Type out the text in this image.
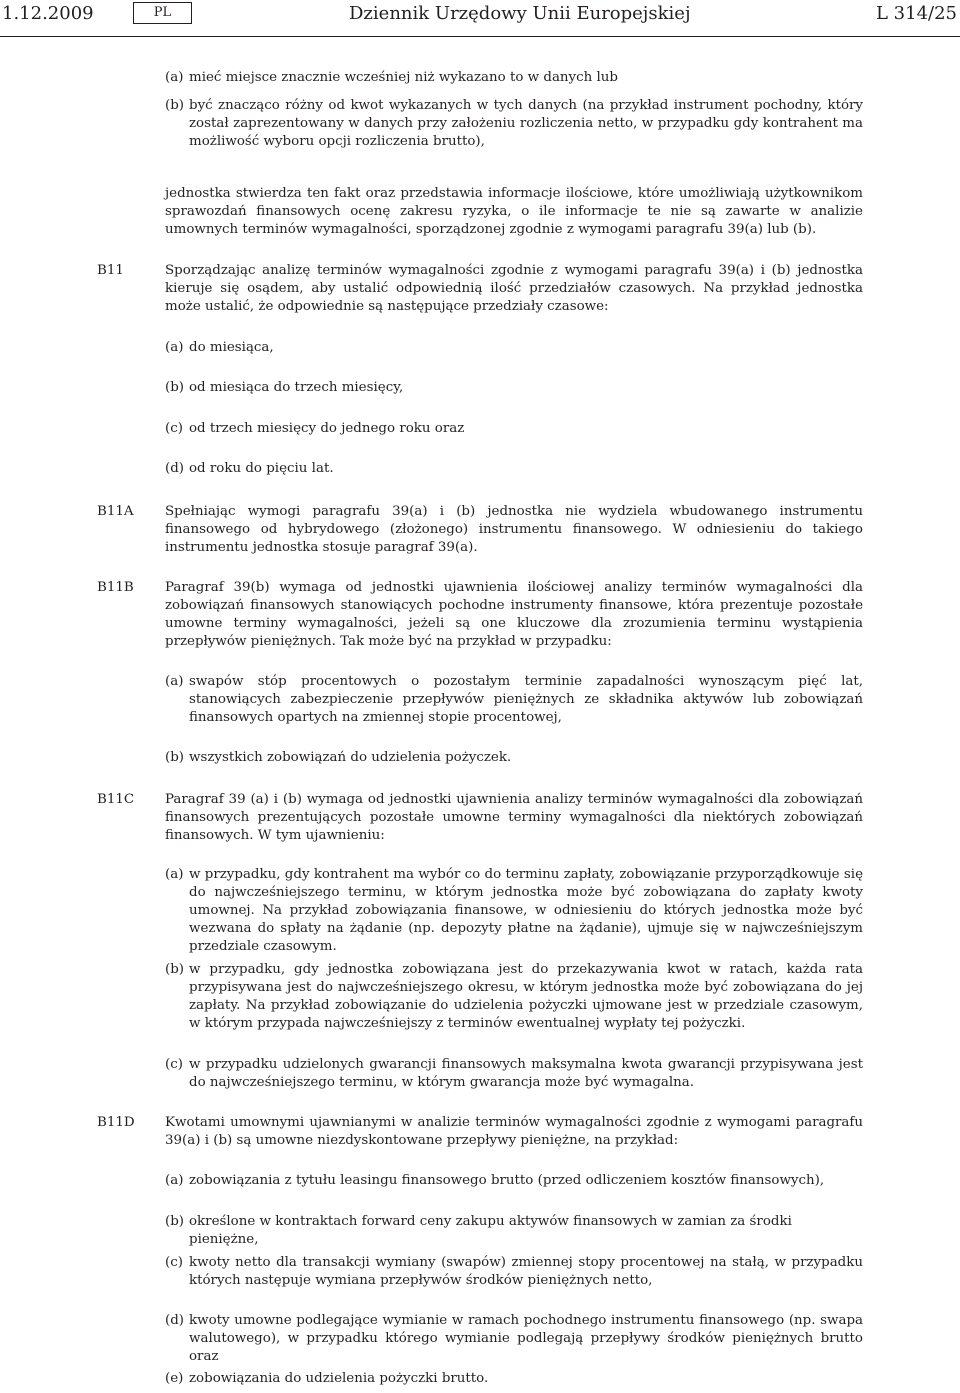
1.12.2009	PL	Dziennik Urzędowy Unii Europejskiej	L 314/25
(a) mieć miejsce znacznie wcześniej niż wykazano to w danych lub
(b) być znacząco różny od kwot wykazanych w tych danych (na przykład instrument pochodny, który został zaprezentowany w danych przy założeniu rozliczenia netto, w przypadku gdy kontrahent ma możliwość wyboru opcji rozliczenia brutto),
jednostka stwierdza ten fakt oraz przedstawia informacje ilościowe, które umożliwiają użytkownikom sprawozdań finansowych ocenę zakresu ryzyka, o ile informacje te nie są zawarte w analizie umownych terminów wymagalności, sporządzonej zgodnie z wymogami paragrafu 39(a) lub (b).
B11	Sporządzając analizę terminów wymagalności zgodnie z wymogami paragrafu 39(a) i (b) jednostka kieruje się osądem, aby ustalić odpowiednią ilość przedziałów czasowych. Na przykład jednostka może ustalić, że odpowiednie są następujące przedziały czasowe:
(a) do miesiąca,
(b) od miesiąca do trzech miesięcy,
(c) od trzech miesięcy do jednego roku oraz
(d) od roku do pięciu lat.
B11A Spełniając wymogi paragrafu 39(a) i (b) jednostka nie wydziela wbudowanego instrumentu finansowego od hybrydowego (złożonego) instrumentu finansowego. W odniesieniu do takiego instrumentu jednostka stosuje paragraf 39(a).
B11B Paragraf 39(b) wymaga od jednostki ujawnienia ilościowej analizy terminów wymagalności dla zobowiązań finansowych stanowiących pochodne instrumenty finansowe, która prezentuje pozostałe umowne terminy wymagalności, jeżeli są one kluczowe dla zrozumienia terminu wystąpienia przepływów pieniężnych. Tak może być na przykład w przypadku:
(a) swapów stóp procentowych o pozostałym terminie zapadalności wynoszącym pięć lat, stanowiących zabezpieczenie przepływów pieniężnych ze składnika aktywów lub zobowiązań finansowych opartych na zmiennej stopie procentowej,
(b) wszystkich zobowiązań do udzielenia pożyczek.
B11C Paragraf 39 (a) i (b) wymaga od jednostki ujawnienia analizy terminów wymagalności dla zobowiązań finansowych prezentujących pozostałe umowne terminy wymagalności dla niektórych zobowiązań finansowych. W tym ujawnieniu:
(a) w przypadku, gdy kontrahent ma wybór co do terminu zapłaty, zobowiązanie przyporządkowuje się do najwcześniejszego terminu, w którym jednostka może być zobowiązana do zapłaty kwoty umownej. Na przykład zobowiązania finansowe, w odniesieniu do których jednostka może być wezwana do spłaty na żądanie (np. depozyty płatne na żądanie), ujmuje się w najwcześniejszym przedziale czasowym.
(b) w przypadku, gdy jednostka zobowiązana jest do przekazywania kwot w ratach, każda rata przypisywana jest do najwcześniejszego okresu, w którym jednostka może być zobowiązana do jej zapłaty. Na przykład zobowiązanie do udzielenia pożyczki ujmowane jest w przedziale czasowym, w którym przypada najwcześniejszy z terminów ewentualnej wypłaty tej pożyczki.
(c) w przypadku udzielonych gwarancji finansowych maksymalna kwota gwarancji przypisywana jest do najwcześniejszego terminu, w którym gwarancja może być wymagalna.
B11D Kwotami umownymi ujawnianymi w analizie terminów wymagalności zgodnie z wymogami paragrafu 39(a) i (b) są umowne niezdyskontowane przepływy pieniężne, na przykład:
(a) zobowiązania z tytułu leasingu finansowego brutto (przed odliczeniem kosztów finansowych),
(b) określone w kontraktach forward ceny zakupu aktywów finansowych w zamian za środki pieniężne,
(c) kwoty netto dla transakcji wymiany (swapów) zmiennej stopy procentowej na stałą, w przypadku których następuje wymiana przepływów środków pieniężnych netto,
(d) kwoty umowne podlegające wymianie w ramach pochodnego instrumentu finansowego (np. swapa walutowego), w przypadku którego wymianie podlegają przepływy środków pieniężnych brutto oraz
(e) zobowiązania do udzielenia pożyczki brutto.
